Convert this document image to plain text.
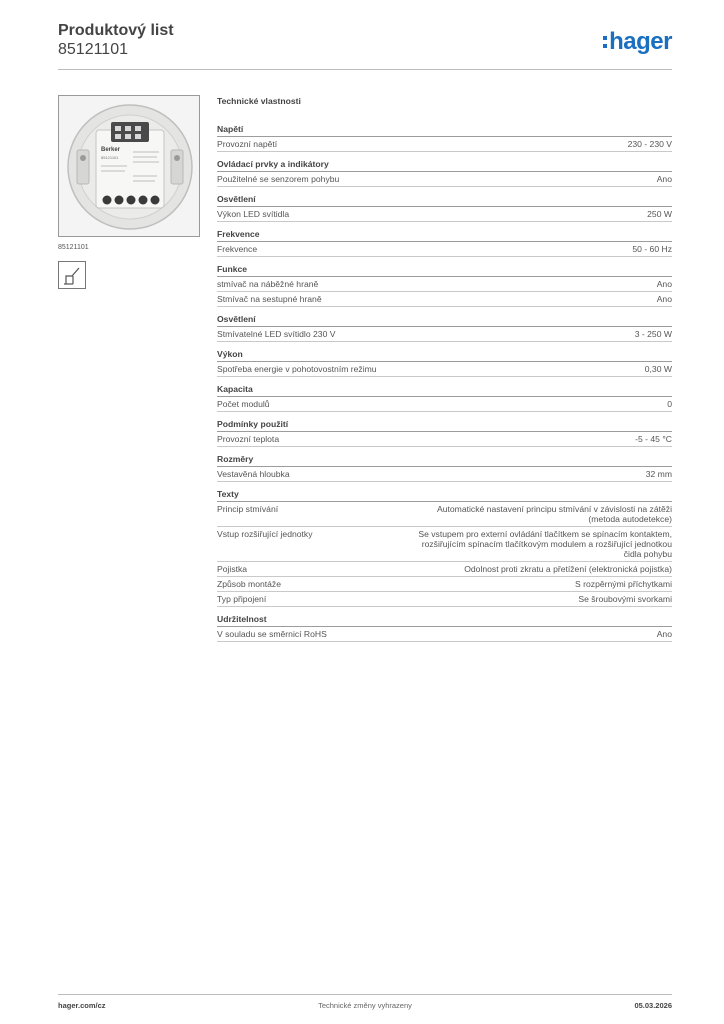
Produktový list
85121101	hager
Berker
85121101
85121101
Technické vlastnosti
Napětí
Provozní napětí	230 - 230 V
Ovládací prvky a indikátory
Použitelné se senzorem pohybu	Ano
Osvětlení
Výkon LED svítidla	250 W
Frekvence
Frekvence	50 - 60 Hz
Funkce
stmívač na náběžné hraně	Ano
Stmívač na sestupné hraně	Ano
Osvětlení
Stmívatelné LED svítidlo 230 V	3 - 250 W
Výkon
Spotřeba energie v pohotovostním režimu	0,30 W
Kapacita
Počet modulů	0
Podmínky použití
Provozní teplota	-5 - 45 °C
Rozměry
Vestavěná hloubka	32 mm
Texty
Princip stmívání	Automatické nastavení principu stmívání v závislosti na zátěži (metoda autodetekce)
Vstup rozšiřující jednotky	Se vstupem pro externí ovládání tlačítkem se spínacím kontaktem, rozšiřujícím spínacím tlačítkovým modulem a rozšiřující jednotkou čidla pohybu
Pojistka	Odolnost proti zkratu a přetížení (elektronická pojistka)
Způsob montáže	S rozpěrnými příchytkami
Typ připojení	Se šroubovými svorkami
Udržitelnost
V souladu se směrnicí RoHS	Ano
hager.com/cz	Technické změny vyhrazeny	05.03.2026
